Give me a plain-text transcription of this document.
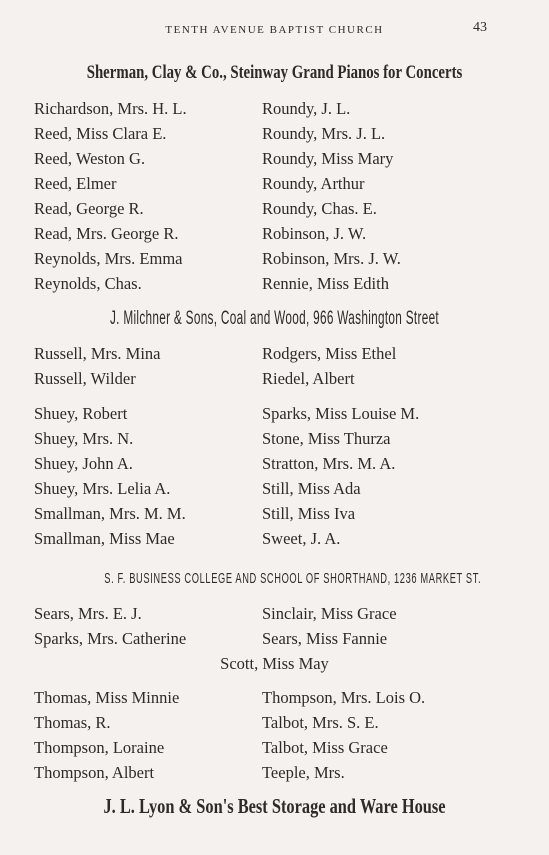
TENTH AVENUE BAPTIST CHURCH	43
Sherman, Clay & Co., Steinway Grand Pianos for Concerts
Richardson, Mrs. H. L.	Roundy, J. L.
Reed, Miss Clara E.	Roundy, Mrs. J. L.
Reed, Weston G.	Roundy, Miss Mary
Reed, Elmer	Roundy, Arthur
Read, George R.	Roundy, Chas. E.
Read, Mrs. George R.	Robinson, J. W.
Reynolds, Mrs. Emma	Robinson, Mrs. J. W.
Reynolds, Chas.	Rennie, Miss Edith
J. Milchner & Sons, Coal and Wood, 966 Washington Street
Russell, Mrs. Mina	Rodgers, Miss Ethel
Russell, Wilder	Riedel, Albert
Shuey, Robert	Sparks, Miss Louise M.
Shuey, Mrs. N.	Stone, Miss Thurza
Shuey, John A.	Stratton, Mrs. M. A.
Shuey, Mrs. Lelia A.	Still, Miss Ada
Smallman, Mrs. M. M.	Still, Miss Iva
Smallman, Miss Mae	Sweet, J. A.
S. F. BUSINESS COLLEGE AND SCHOOL OF SHORTHAND, 1236 MARKET ST.
Sears, Mrs. E. J.	Sinclair, Miss Grace
Sparks, Mrs. Catherine	Sears, Miss Fannie
Scott, Miss May
Thomas, Miss Minnie	Thompson, Mrs. Lois O.
Thomas, R.	Talbot, Mrs. S. E.
Thompson, Loraine	Talbot, Miss Grace
Thompson, Albert	Teeple, Mrs.
J. L. Lyon & Son's Best Storage and Ware House
